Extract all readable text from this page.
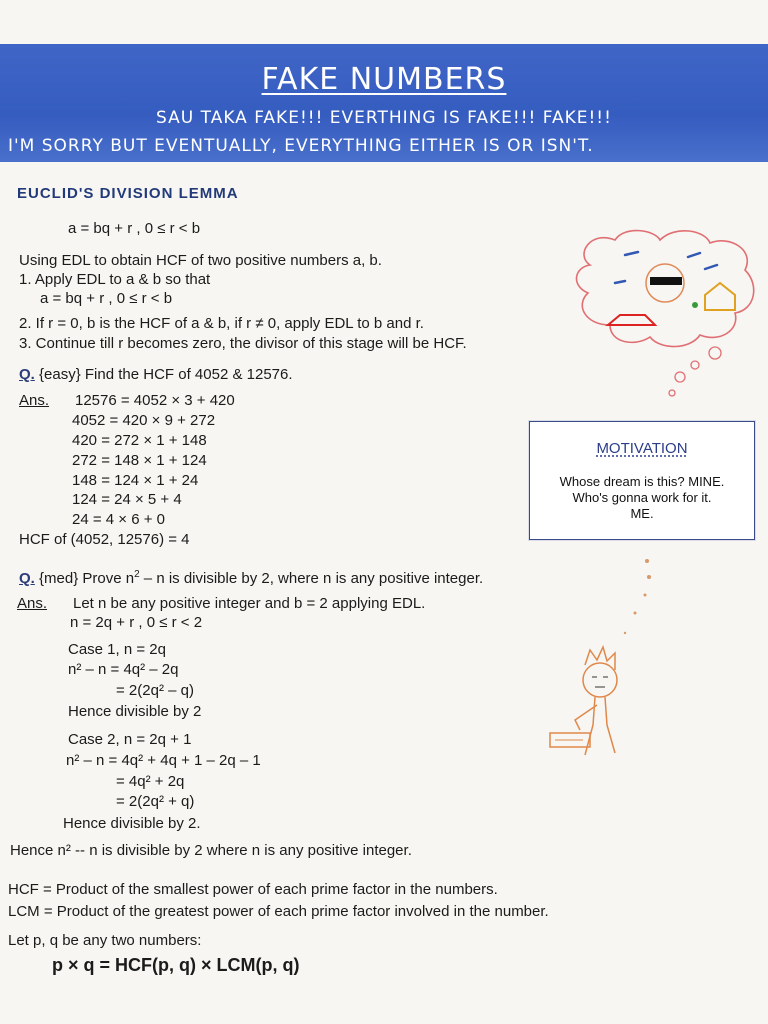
FAKE NUMBERS
SAU TAKA FAKE!!! EVERTHING IS FAKE!!! FAKE!!!
I'M SORRY BUT EVENTUALLY, EVERYTHING EITHER IS OR ISN'T.
EUCLID'S DIVISION LEMMA
a = bq + r , 0 ≤ r < b
Using EDL to obtain HCF of two positive numbers a, b.
1. Apply EDL to a & b so that
a = bq + r , 0 ≤ r < b
2. If r = 0, b is the HCF of a & b, if r ≠ 0, apply EDL to b and r.
3. Continue till r becomes zero, the divisor of this stage will be HCF.
Q. {easy} Find the HCF of 4052 & 12576.
Ans. 12576 = 4052 × 3 + 420
4052 = 420 × 9 + 272
420 = 272 × 1 + 148
272 = 148 × 1 + 124
148 = 124 × 1 + 24
124 = 24 × 5 + 4
24 = 4 × 6 + 0
HCF of (4052, 12576) = 4
MOTIVATION
Whose dream is this? MINE.
Who's gonna work for it.
ME.
Q. {med} Prove $n^2$ – n is divisible by 2, where n is any positive integer.
Ans. Let n be any positive integer and b = 2 applying EDL.
n = 2q + r , 0 ≤ r < 2
Case 1, n = 2q
n² – n = 4q² – 2q
= 2(2q² – q)
Hence divisible by 2
Case 2, n = 2q + 1
n² – n = 4q² + 4q + 1 – 2q – 1
= 4q² + 2q
= 2(2q² + q)
Hence divisible by 2.
Hence n² -- n is divisible by 2 where n is any positive integer.
HCF = Product of the smallest power of each prime factor in the numbers.
LCM = Product of the greatest power of each prime factor involved in the number.
Let p, q be any two numbers:
p × q = HCF(p, q) × LCM(p, q)
